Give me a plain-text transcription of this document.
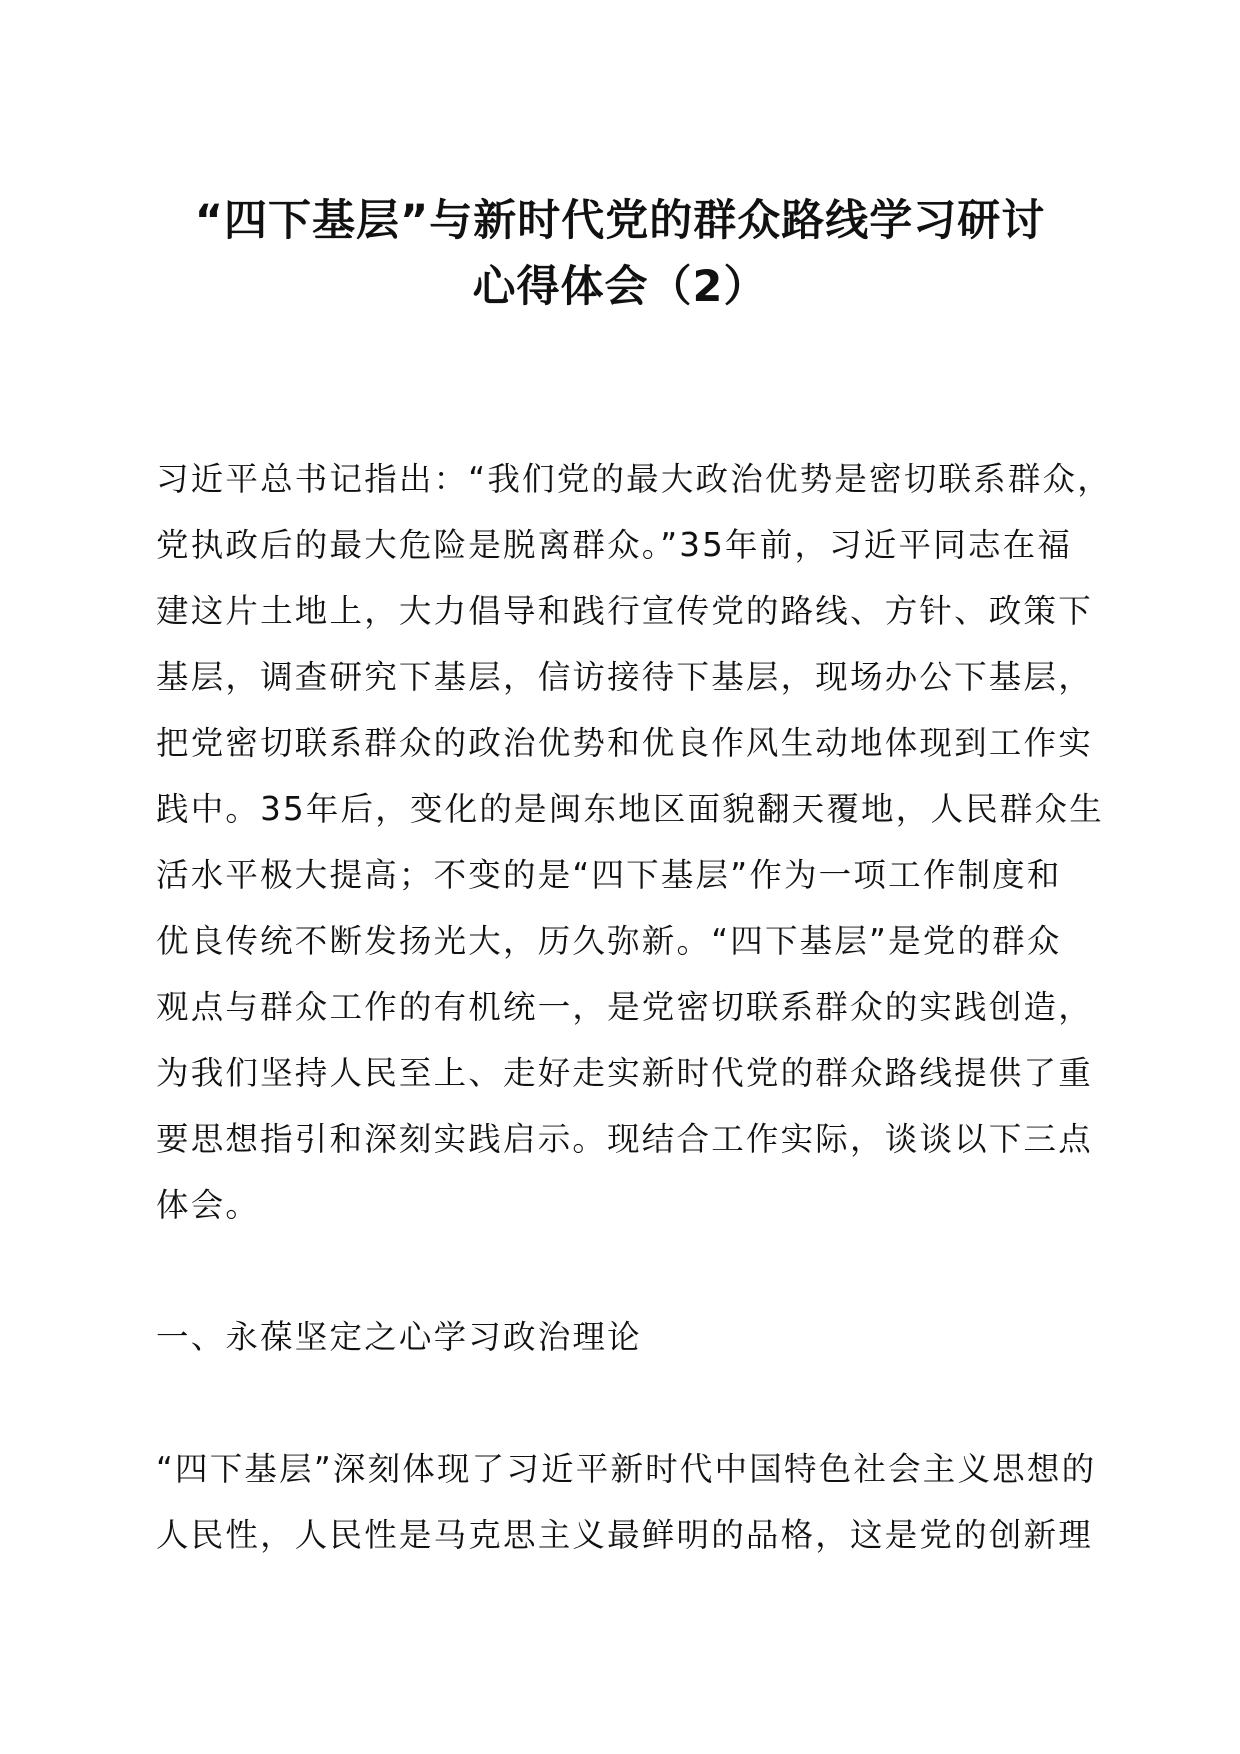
“四下基层”与新时代党的群众路线学习研讨
心得体会（2）
习近平总书记指出：“我们党的最大政治优势是密切联系群众，
党执政后的最大危险是脱离群众。”35年前，习近平同志在福
建这片土地上，大力倡导和践行宣传党的路线、方针、政策下
基层，调查研究下基层，信访接待下基层，现场办公下基层，
把党密切联系群众的政治优势和优良作风生动地体现到工作实
践中。35年后，变化的是闽东地区面貌翻天覆地，人民群众生
活水平极大提高；不变的是“四下基层”作为一项工作制度和
优良传统不断发扬光大，历久弥新。“四下基层”是党的群众
观点与群众工作的有机统一，是党密切联系群众的实践创造，
为我们坚持人民至上、走好走实新时代党的群众路线提供了重
要思想指引和深刻实践启示。现结合工作实际，谈谈以下三点
体会。
一、永葆坚定之心学习政治理论
“四下基层”深刻体现了习近平新时代中国特色社会主义思想的
人民性，人民性是马克思主义最鲜明的品格，这是党的创新理
